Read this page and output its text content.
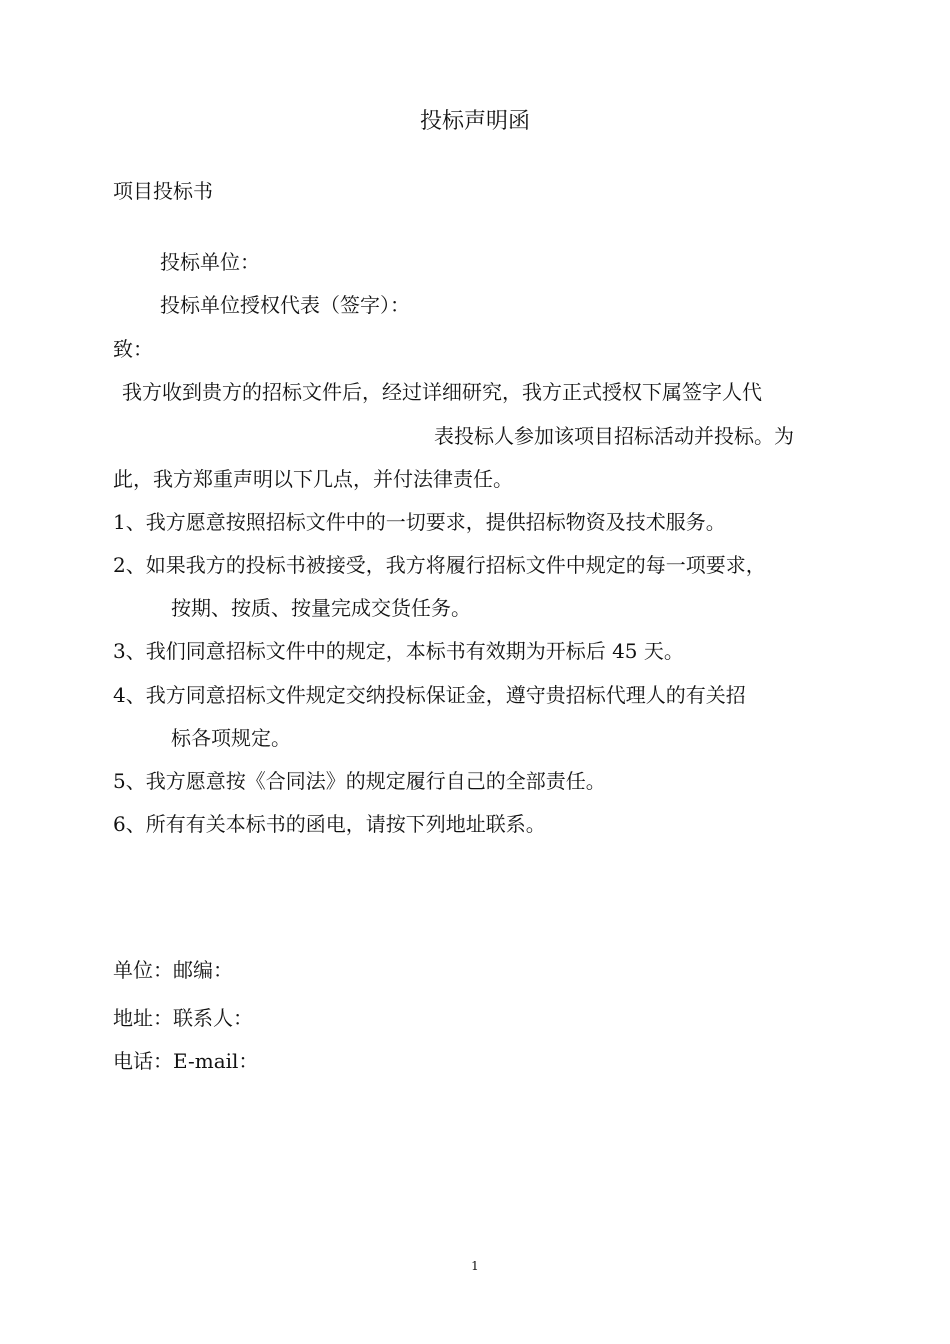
投标声明函
项目投标书
投标单位：
投标单位授权代表（签字）：
致：
我方收到贵方的招标文件后，经过详细研究，我方正式授权下属签字人代
表投标人参加该项目招标活动并投标。为
此，我方郑重声明以下几点，并付法律责任。
1、我方愿意按照招标文件中的一切要求，提供招标物资及技术服务。
2、如果我方的投标书被接受，我方将履行招标文件中规定的每一项要求，
按期、按质、按量完成交货任务。
3、我们同意招标文件中的规定，本标书有效期为开标后 45 天。
4、我方同意招标文件规定交纳投标保证金，遵守贵招标代理人的有关招
标各项规定。
5、我方愿意按《合同法》的规定履行自己的全部责任。
6、所有有关本标书的函电，请按下列地址联系。
单位：邮编：
地址：联系人：
电话：E-mail：
1
